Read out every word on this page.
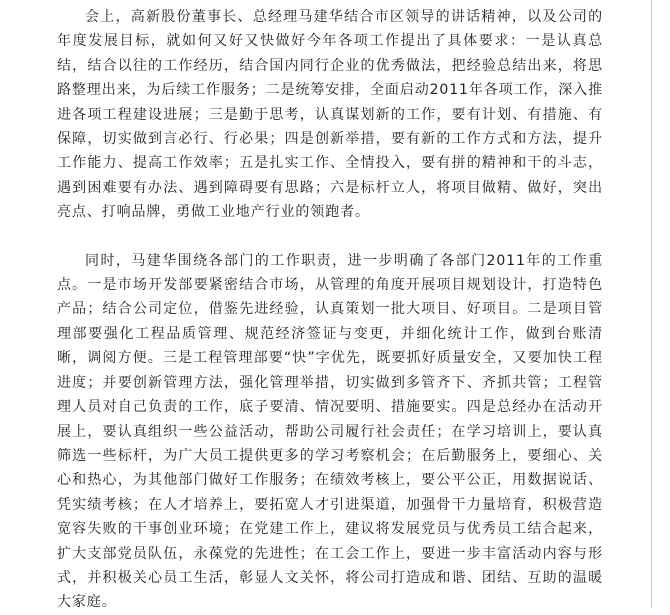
会上，高新股份董事长、总经理马建华结合市区领导的讲话精神，以及公司的年度发展目标，就如何又好又快做好今年各项工作提出了具体要求：一是认真总结，结合以往的工作经历，结合国内同行企业的优秀做法，把经验总结出来，将思路整理出来，为后续工作服务；二是统筹安排，全面启动2011年各项工作，深入推进各项工程建设进展；三是勤于思考，认真谋划新的工作，要有计划、有措施、有保障，切实做到言必行、行必果；四是创新举措，要有新的工作方式和方法，提升工作能力、提高工作效率；五是扎实工作、全情投入，要有拼的精神和干的斗志，遇到困难要有办法、遇到障碍要有思路；六是标杆立人，将项目做精、做好，突出亮点、打响品牌，勇做工业地产行业的领跑者。

同时，马建华围绕各部门的工作职责，进一步明确了各部门2011年的工作重点。一是市场开发部要紧密结合市场，从管理的角度开展项目规划设计，打造特色产品；结合公司定位，借鉴先进经验，认真策划一批大项目、好项目。二是项目管理部要强化工程品质管理、规范经济签证与变更，并细化统计工作，做到台账清晰，调阅方便。三是工程管理部要“快”字优先，既要抓好质量安全，又要加快工程进度；并要创新管理方法，强化管理举措，切实做到多管齐下、齐抓共管；工程管理人员对自己负责的工作，底子要清、情况要明、措施要实。四是总经办在活动开展上，要认真组织一些公益活动，帮助公司履行社会责任；在学习培训上，要认真筛选一些标杆，为广大员工提供更多的学习考察机会；在后勤服务上，要细心、关心和热心，为其他部门做好工作服务；在绩效考核上，要公平公正，用数据说话、凭实绩考核；在人才培养上，要拓宽人才引进渠道，加强骨干力量培育，积极营造宽容失败的干事创业环境；在党建工作上，建议将发展党员与优秀员工结合起来，扩大支部党员队伍，永葆党的先进性；在工会工作上，要进一步丰富活动内容与形式，并积极关心员工生活，彰显人文关怀，将公司打造成和谐、团结、互助的温暖大家庭。
